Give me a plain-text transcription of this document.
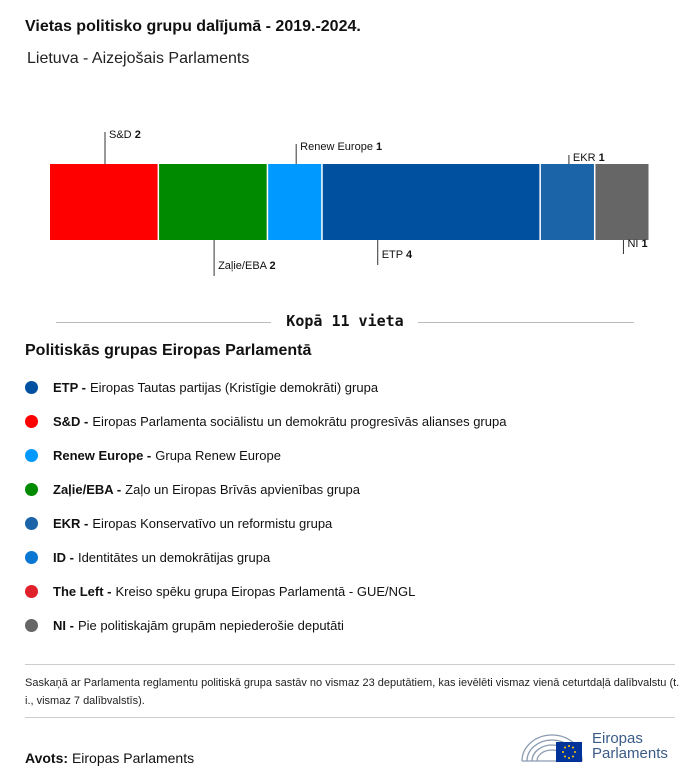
Vietas politisko grupu dalījumā - 2019.-2024.
Lietuva - Aizejošais Parlaments
S&D 2
Zaļie/EBA 2
Renew Europe 1
ETP 4
EKR 1
NI 1
Kopā 11 vieta
Politiskās grupas Eiropas Parlamentā
ETP - Eiropas Tautas partijas (Kristīgie demokrāti) grupa
S&D - Eiropas Parlamenta sociālistu un demokrātu progresīvās alianses grupa
Renew Europe - Grupa Renew Europe
Zaļie/EBA - Zaļo un Eiropas Brīvās apvienības grupa
EKR - Eiropas Konservatīvo un reformistu grupa
ID - Identitātes un demokrātijas grupa
The Left - Kreiso spēku grupa Eiropas Parlamentā - GUE/NGL
NI - Pie politiskajām grupām nepiederošie deputāti
Saskaņā ar Parlamenta reglamentu politiskā grupa sastāv no vismaz 23 deputātiem, kas ievēlēti vismaz vienā ceturtdaļā dalībvalstu (t. i., vismaz 7 dalībvalstīs).
Avots: Eiropas Parlaments
Eiropas
Parlaments
